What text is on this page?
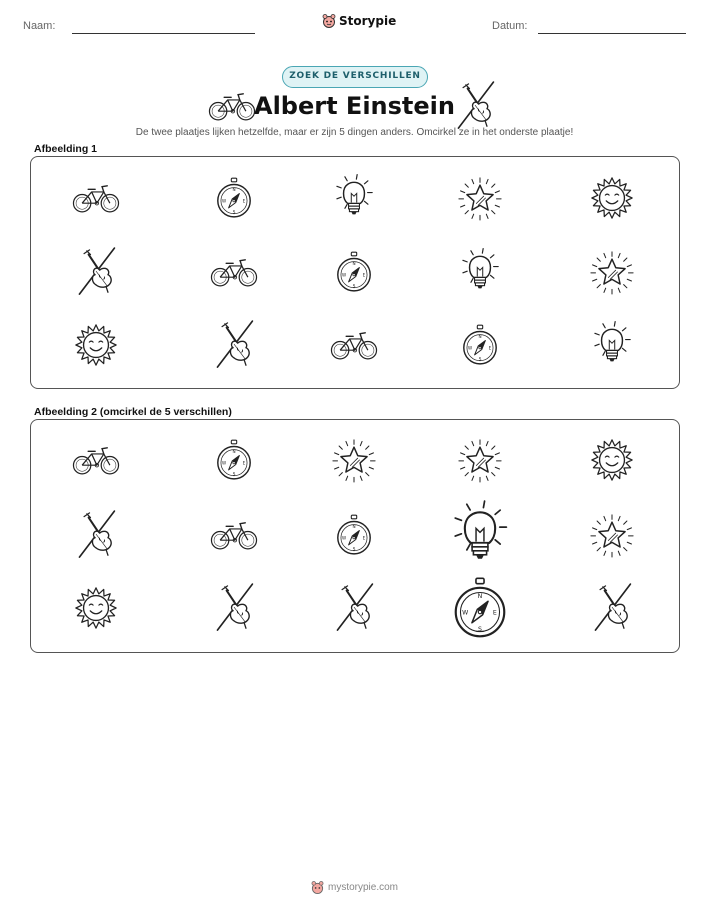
Naam:	Storypie	Datum:
ZOEK DE VERSCHILLEN
Albert Einstein
De twee plaatjes lijken hetzelfde, maar er zijn 5 dingen anders. Omcirkel ze in het onderste plaatje!
Afbeelding 1
Afbeelding 2 (omcirkel de 5 verschillen)
N
S
E
W
N
S
E
W
N
S
E
W
N
S
E
W
N
S
E
W
N
S
E
W
mystorypie.com
